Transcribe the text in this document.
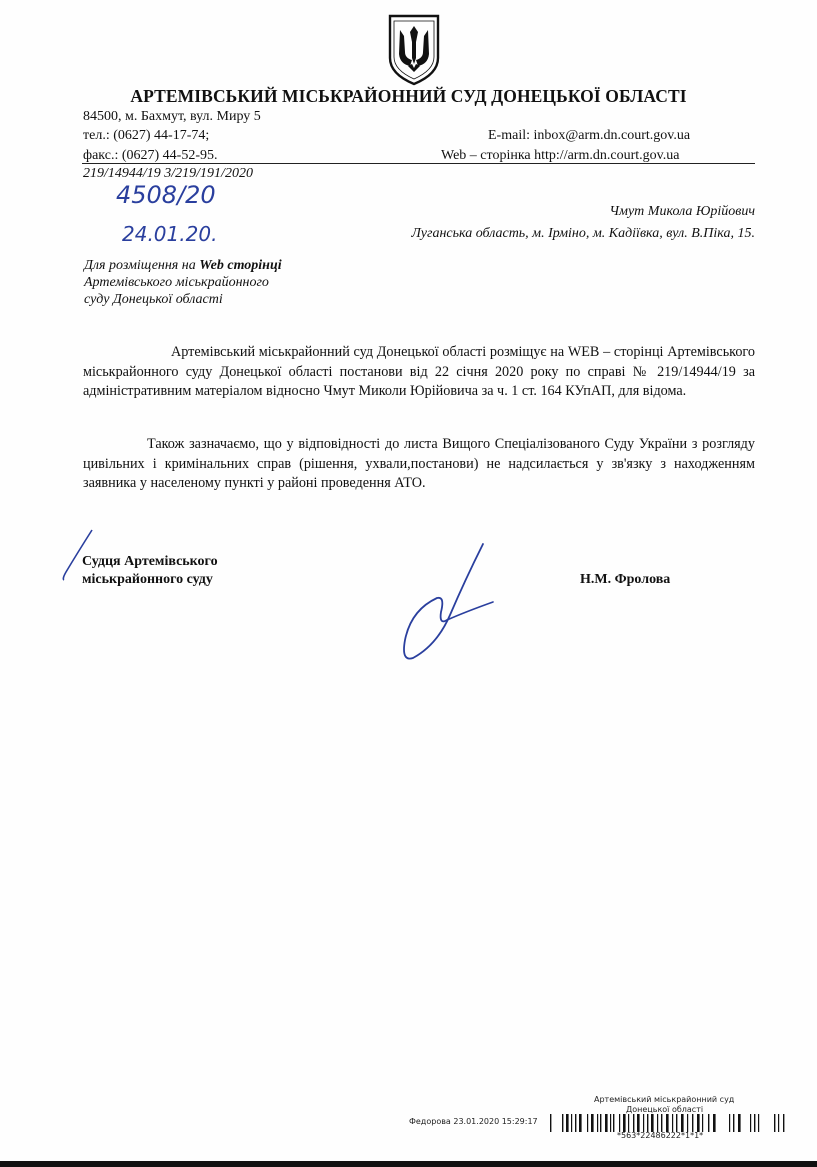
АРТЕМІВСЬКИЙ МІСЬКРАЙОННИЙ СУД ДОНЕЦЬКОЇ ОБЛАСТІ
84500, м. Бахмут, вул. Миру 5
тел.: (0627) 44-17-74;	E-mail: inbox@arm.dn.court.gov.ua
факс.: (0627) 44-52-95.	Web – сторінка http://arm.dn.court.gov.ua
219/14944/19 3/219/191/2020
4508/20
24.01.20.
Чмут Микола Юрійович
Луганська область, м. Ірміно, м. Кадіївка, вул. В.Піка, 15.
Для розміщення на Web сторінці
Артемівського міськрайонного
суду Донецької області

Артемівський міськрайонний суд Донецької області розміщує на WEB – сторінці Артемівського міськрайонного суду Донецької області постанови від 22 січня 2020 року по справі № 219/14944/19 за адміністративним матеріалом відносно Чмут Миколи Юрійовича за ч. 1 ст. 164 КУпАП, для відома.

Також зазначаємо, що у відповідності до листа Вищого Спеціалізованого Суду України з розгляду цивільних і кримінальних справ (рішення, ухвали,постанови) не надсилається у зв'язку з находженням заявника у населеному пункті у районі проведення АТО.

Судця Артемівського
міськрайонного суду	Н.М. Фролова
Артемівський міськрайонний суд
Донецької області
Федорова 23.01.2020 15:29:17
*563*22486222*1*1*
